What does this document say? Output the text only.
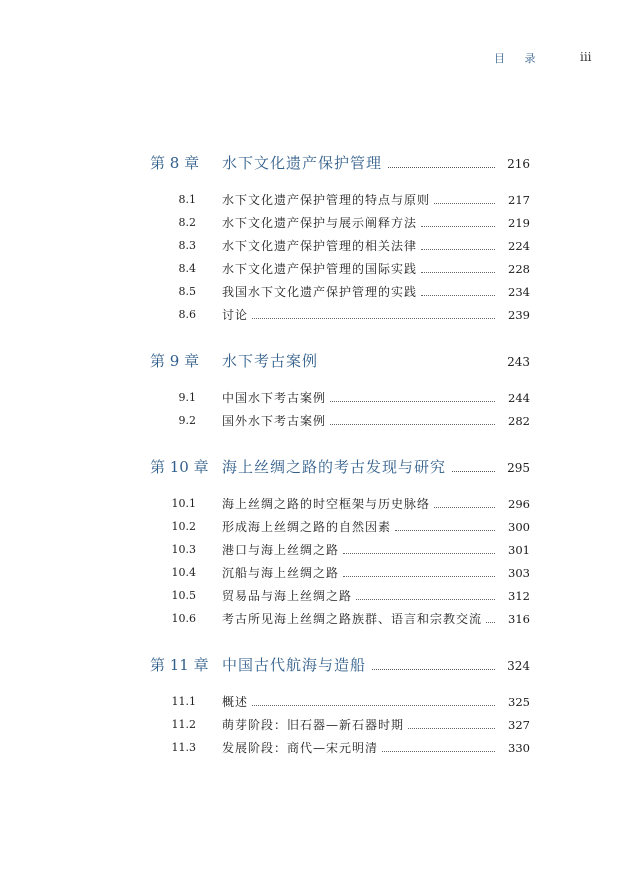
目 录	iii
第 8 章 水下文化遗产保护管理	216
8.1 水下文化遗产保护管理的特点与原则	217
8.2 水下文化遗产保护与展示阐释方法	219
8.3 水下文化遗产保护管理的相关法律	224
8.4 水下文化遗产保护管理的国际实践	228
8.5 我国水下文化遗产保护管理的实践	234
8.6 讨论	239
第 9 章 水下考古案例	243
9.1 中国水下考古案例	244
9.2 国外水下考古案例	282
第 10 章 海上丝绸之路的考古发现与研究	295
10.1 海上丝绸之路的时空框架与历史脉络	296
10.2 形成海上丝绸之路的自然因素	300
10.3 港口与海上丝绸之路	301
10.4 沉船与海上丝绸之路	303
10.5 贸易品与海上丝绸之路	312
10.6 考古所见海上丝绸之路族群、语言和宗教交流	316
第 11 章 中国古代航海与造船	324
11.1 概述	325
11.2 萌芽阶段：旧石器—新石器时期	327
11.3 发展阶段：商代—宋元明清	330
